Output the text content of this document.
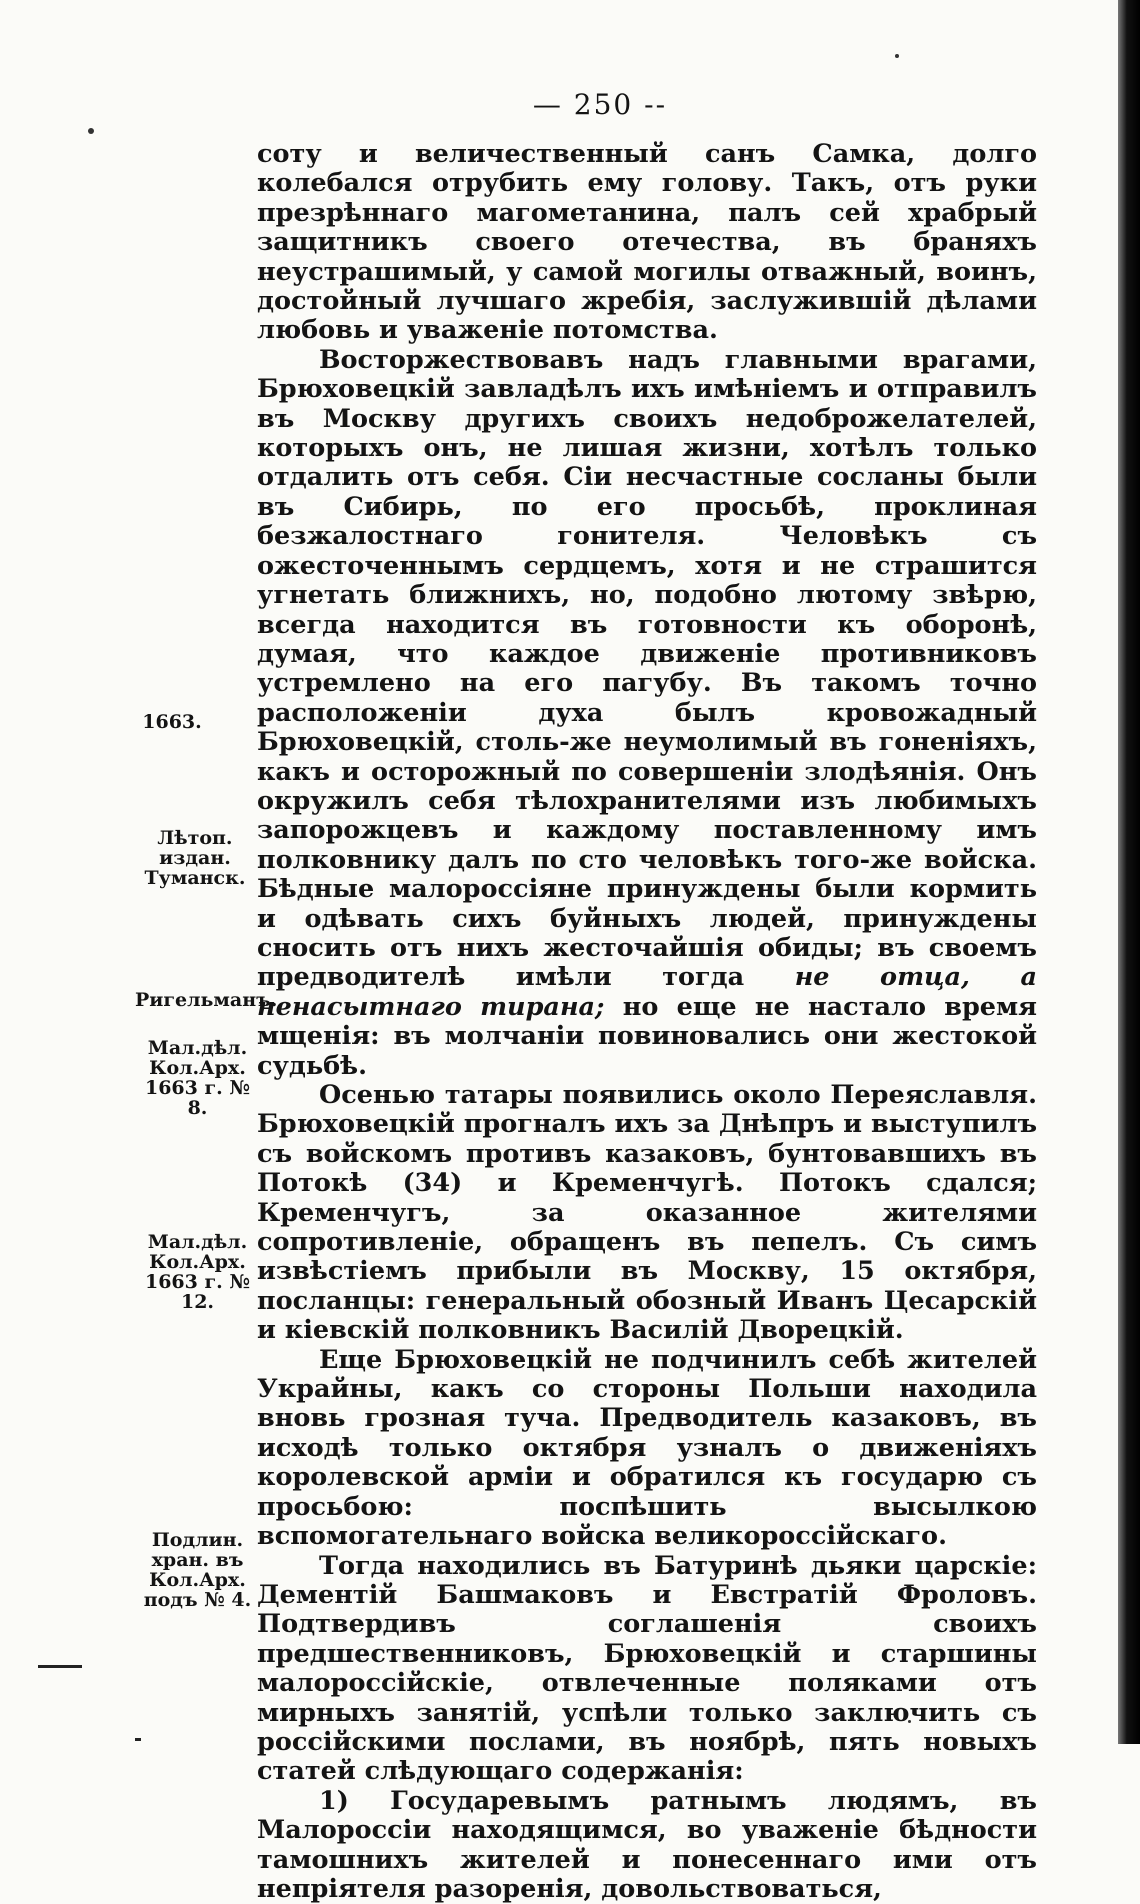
— 250 --

соту и величественный санъ Самка, долго колебался отрубить ему голову. Такъ, отъ руки презрѣннаго магометанина, палъ сей храбрый защитникъ своего отечества, въ браняхъ неустрашимый, у самой могилы отважный, воинъ, достойный лучшаго жребія, заслужившій дѣлами любовь и уваженіе потомства.

Восторжествовавъ надъ главными врагами, Брюховецкій завладѣлъ ихъ имѣніемъ и отправилъ въ Москву другихъ своихъ недоброжелателей, которыхъ онъ, не лишая жизни, хотѣлъ только отдалить отъ себя. Сіи несчастные сосланы были въ Сибирь, по его просьбѣ, проклиная безжалостнаго гонителя. Человѣкъ съ ожесточеннымъ сердцемъ, хотя и не страшится угнетать ближнихъ, но, подобно лютому звѣрю, всегда находится въ готовности къ оборонѣ, думая, что каждое движеніе противниковъ устремлено на его пагубу. Въ такомъ точно расположеніи духа былъ кровожадный Брюховецкій, столь-же неумолимый въ гоненіяхъ, какъ и осторожный по совершеніи злодѣянія. Онъ окружилъ себя тѣлохранителями изъ любимыхъ запорожцевъ и каждому поставленному имъ полковнику далъ по сто человѣкъ того-же войска. Бѣдные малороссіяне принуждены были кормить и одѣвать сихъ буйныхъ людей, принуждены сносить отъ нихъ жесточайшія обиды; въ своемъ предводителѣ имѣли тогда не отца, а ненасытнаго тирана; но еще не настало время мщенія: въ молчаніи повиновались они жестокой судьбѣ.

Осенью татары появились около Переяславля. Брюховецкій прогналъ ихъ за Днѣпръ и выступилъ съ войскомъ противъ казаковъ, бунтовавшихъ въ Потокѣ (34) и Кременчугѣ. Потокъ сдался; Кременчугъ, за оказанное жителями сопротивленіе, обращенъ въ пепелъ. Съ симъ извѣстіемъ прибыли въ Москву, 15 октября, посланцы: генеральный обозный Иванъ Цесарскій и кіевскій полковникъ Василій Дворецкій.

Еще Брюховецкій не подчинилъ себѣ жителей Украйны, какъ со стороны Польши находила вновь грозная туча. Предводитель казаковъ, въ исходѣ только октября узналъ о движеніяхъ королевской арміи и обратился къ государю съ просьбою: поспѣшить высылкою вспомогательнаго войска великороссійскаго.

Тогда находились въ Батуринѣ дьяки царскіе: Дементій Башмаковъ и Евстратій Фроловъ. Подтвердивъ соглашенія своихъ предшественниковъ, Брюховецкій и старшины малороссійскіе, отвлеченные поляками отъ мирныхъ занятій, успѣли только заключить съ россійскими послами, въ ноябрѣ, пять новыхъ статей слѣдующаго содержанія:

1) Государевымъ ратнымъ людямъ, въ Малороссіи находящимся, во уваженіе бѣдности тамошнихъ жителей и понесеннаго ими отъ непріятеля разоренія, довольствоваться,

1663.
Лѣтоп. издан. Туманск.
Ригельманъ.
Мал.дѣл. Кол.Арх. 1663 г. № 8.
Мал.дѣл. Кол.Арх. 1663 г. № 12.
Подлин. хран. въ Кол.Арх. подъ № 4.
